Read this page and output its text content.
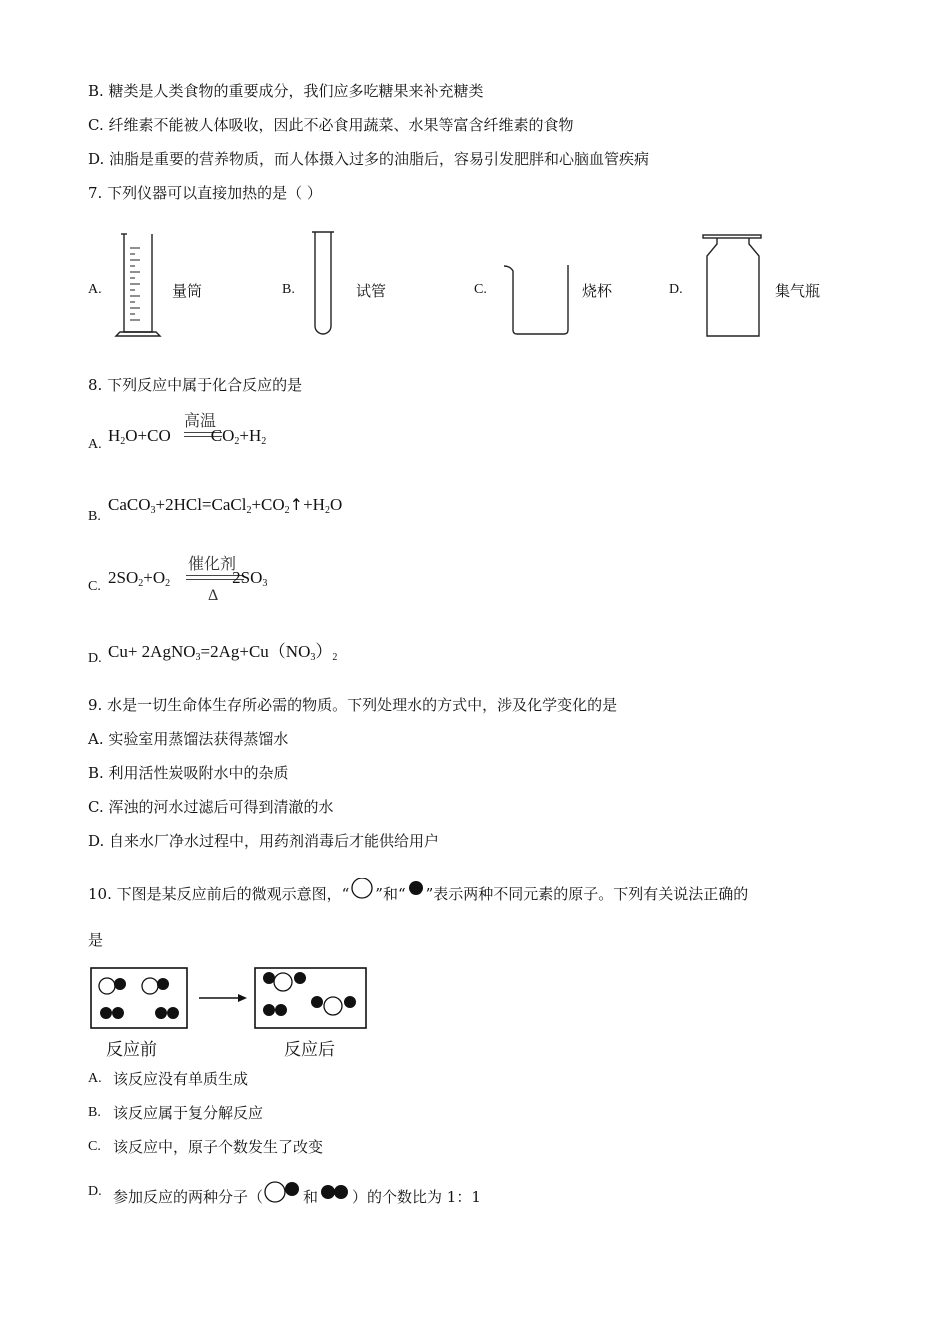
B. 糖类是人类食物的重要成分，我们应多吃糖果来补充糖类
C. 纤维素不能被人体吸收，因此不必食用蔬菜、水果等富含纤维素的食物
D. 油脂是重要的营养物质，而人体摄入过多的油脂后，容易引发肥胖和心脑血管疾病
7. 下列仪器可以直接加热的是（ ）
A.	量筒	B.	试管	C.	烧杯	D.	集气瓶
8. 下列反应中属于化合反应的是
A.
高温
$H_2O+CO$ $CO_2+H_2$
B.
$CaCO_3+2HCl=CaCl_2+CO_2↑+H_2O$
C.
催化剂
Δ
$2SO_2+O_2$	$2SO_3$
D. $Cu+ 2AgNO_3=2Ag+Cu(NO_3)_2$
9. 水是一切生命体生存所必需的物质。下列处理水的方式中，涉及化学变化的是
A. 实验室用蒸馏法获得蒸馏水
B. 利用活性炭吸附水中的杂质
C. 浑浊的河水过滤后可得到清澈的水
D. 自来水厂净水过程中，用药剂消毒后才能供给用户
10. 下图是某反应前后的微观示意图，“ ”和“ ”表示两种不同元素的原子。下列有关说法正确的
是
反应前	反应后
A. 该反应没有单质生成
B. 该反应属于复分解反应
C. 该反应中，原子个数发生了改变
D. 参加反应的两种分子（	和 ）的个数比为 1：1
